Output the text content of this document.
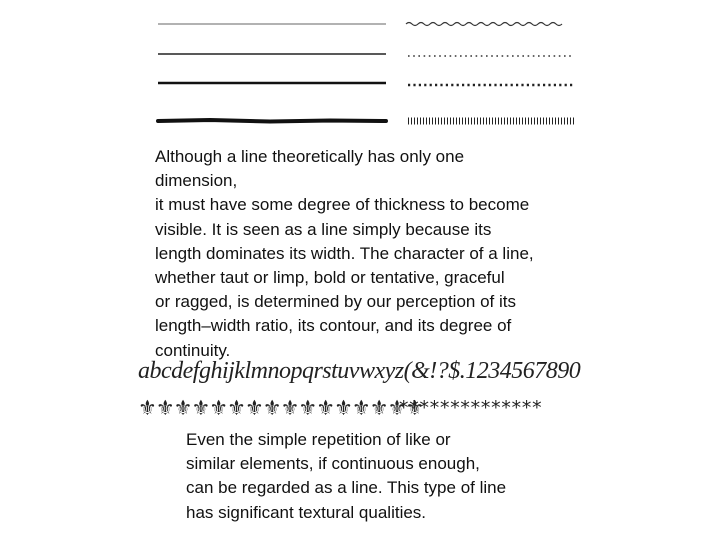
Although a line theoretically has only one
dimension,
it must have some degree of thickness to become
visible. It is seen as a line simply because its
length dominates its width. The character of a line,
whether taut or limp, bold or tentative, graceful
or ragged, is determined by our perception of its
length–width ratio, its contour, and its degree of
continuity.
abcdefghijklmnopqrstuvwxyz(&!?$.1234567890
⚜⚜⚜⚜⚜⚜⚜⚜⚜⚜⚜⚜⚜⚜⚜⚜
**************
Even the simple repetition of like or
similar elements, if continuous enough,
can be regarded as a line. This type of line
has significant textural qualities.
